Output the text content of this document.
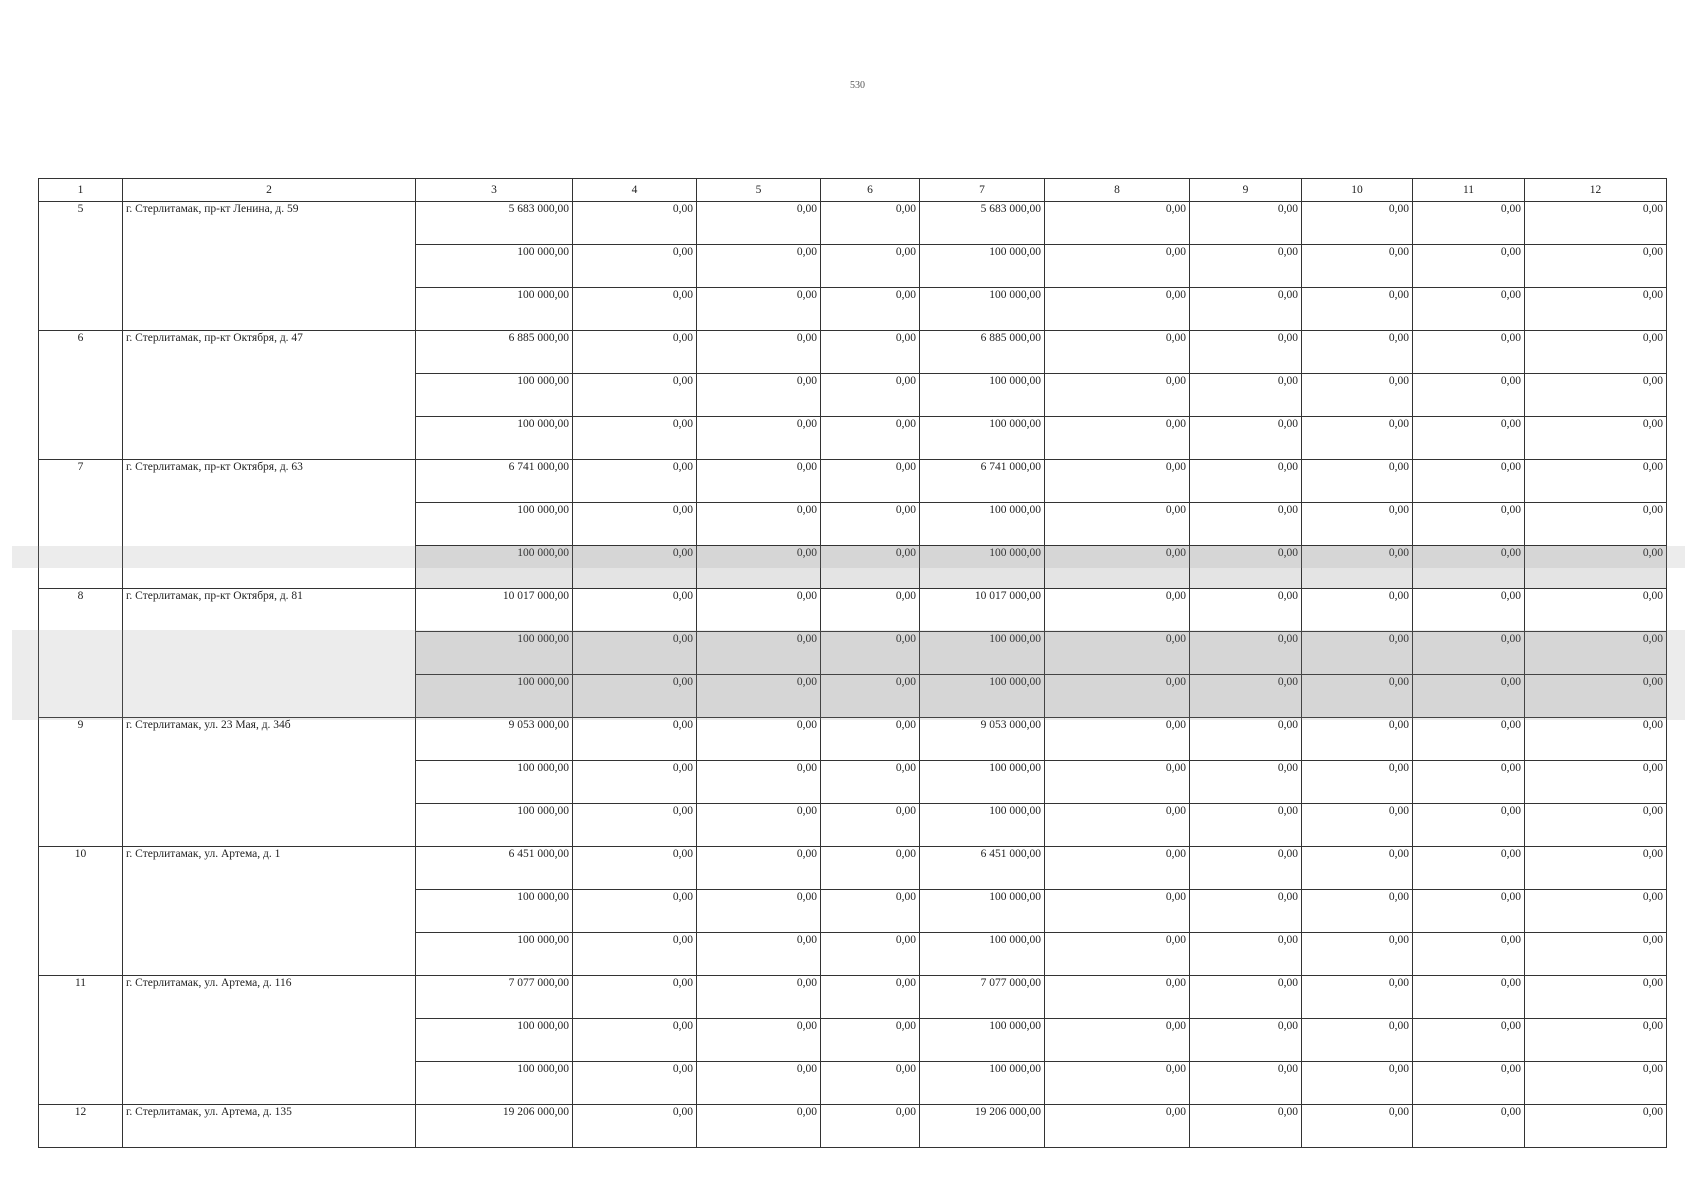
530
1	2	3	4	5	6	7	8	9	10	11	12
5	г. Стерлитамак, пр-кт Ленина, д. 59	5 683 000,00	0,00	0,00	0,00	5 683 000,00	0,00	0,00	0,00	0,00	0,00
		100 000,00	0,00	0,00	0,00	100 000,00	0,00	0,00	0,00	0,00	0,00
		100 000,00	0,00	0,00	0,00	100 000,00	0,00	0,00	0,00	0,00	0,00
6	г. Стерлитамак, пр-кт Октября, д. 47	6 885 000,00	0,00	0,00	0,00	6 885 000,00	0,00	0,00	0,00	0,00	0,00
		100 000,00	0,00	0,00	0,00	100 000,00	0,00	0,00	0,00	0,00	0,00
		100 000,00	0,00	0,00	0,00	100 000,00	0,00	0,00	0,00	0,00	0,00
7	г. Стерлитамак, пр-кт Октября, д. 63	6 741 000,00	0,00	0,00	0,00	6 741 000,00	0,00	0,00	0,00	0,00	0,00
		100 000,00	0,00	0,00	0,00	100 000,00	0,00	0,00	0,00	0,00	0,00
		100 000,00	0,00	0,00	0,00	100 000,00	0,00	0,00	0,00	0,00	0,00
8	г. Стерлитамак, пр-кт Октября, д. 81	10 017 000,00	0,00	0,00	0,00	10 017 000,00	0,00	0,00	0,00	0,00	0,00
		100 000,00	0,00	0,00	0,00	100 000,00	0,00	0,00	0,00	0,00	0,00
		100 000,00	0,00	0,00	0,00	100 000,00	0,00	0,00	0,00	0,00	0,00
9	г. Стерлитамак, ул. 23 Мая, д. 34б	9 053 000,00	0,00	0,00	0,00	9 053 000,00	0,00	0,00	0,00	0,00	0,00
		100 000,00	0,00	0,00	0,00	100 000,00	0,00	0,00	0,00	0,00	0,00
		100 000,00	0,00	0,00	0,00	100 000,00	0,00	0,00	0,00	0,00	0,00
10	г. Стерлитамак, ул. Артема, д. 1	6 451 000,00	0,00	0,00	0,00	6 451 000,00	0,00	0,00	0,00	0,00	0,00
		100 000,00	0,00	0,00	0,00	100 000,00	0,00	0,00	0,00	0,00	0,00
		100 000,00	0,00	0,00	0,00	100 000,00	0,00	0,00	0,00	0,00	0,00
11	г. Стерлитамак, ул. Артема, д. 116	7 077 000,00	0,00	0,00	0,00	7 077 000,00	0,00	0,00	0,00	0,00	0,00
		100 000,00	0,00	0,00	0,00	100 000,00	0,00	0,00	0,00	0,00	0,00
		100 000,00	0,00	0,00	0,00	100 000,00	0,00	0,00	0,00	0,00	0,00
12	г. Стерлитамак, ул. Артема, д. 135	19 206 000,00	0,00	0,00	0,00	19 206 000,00	0,00	0,00	0,00	0,00	0,00
